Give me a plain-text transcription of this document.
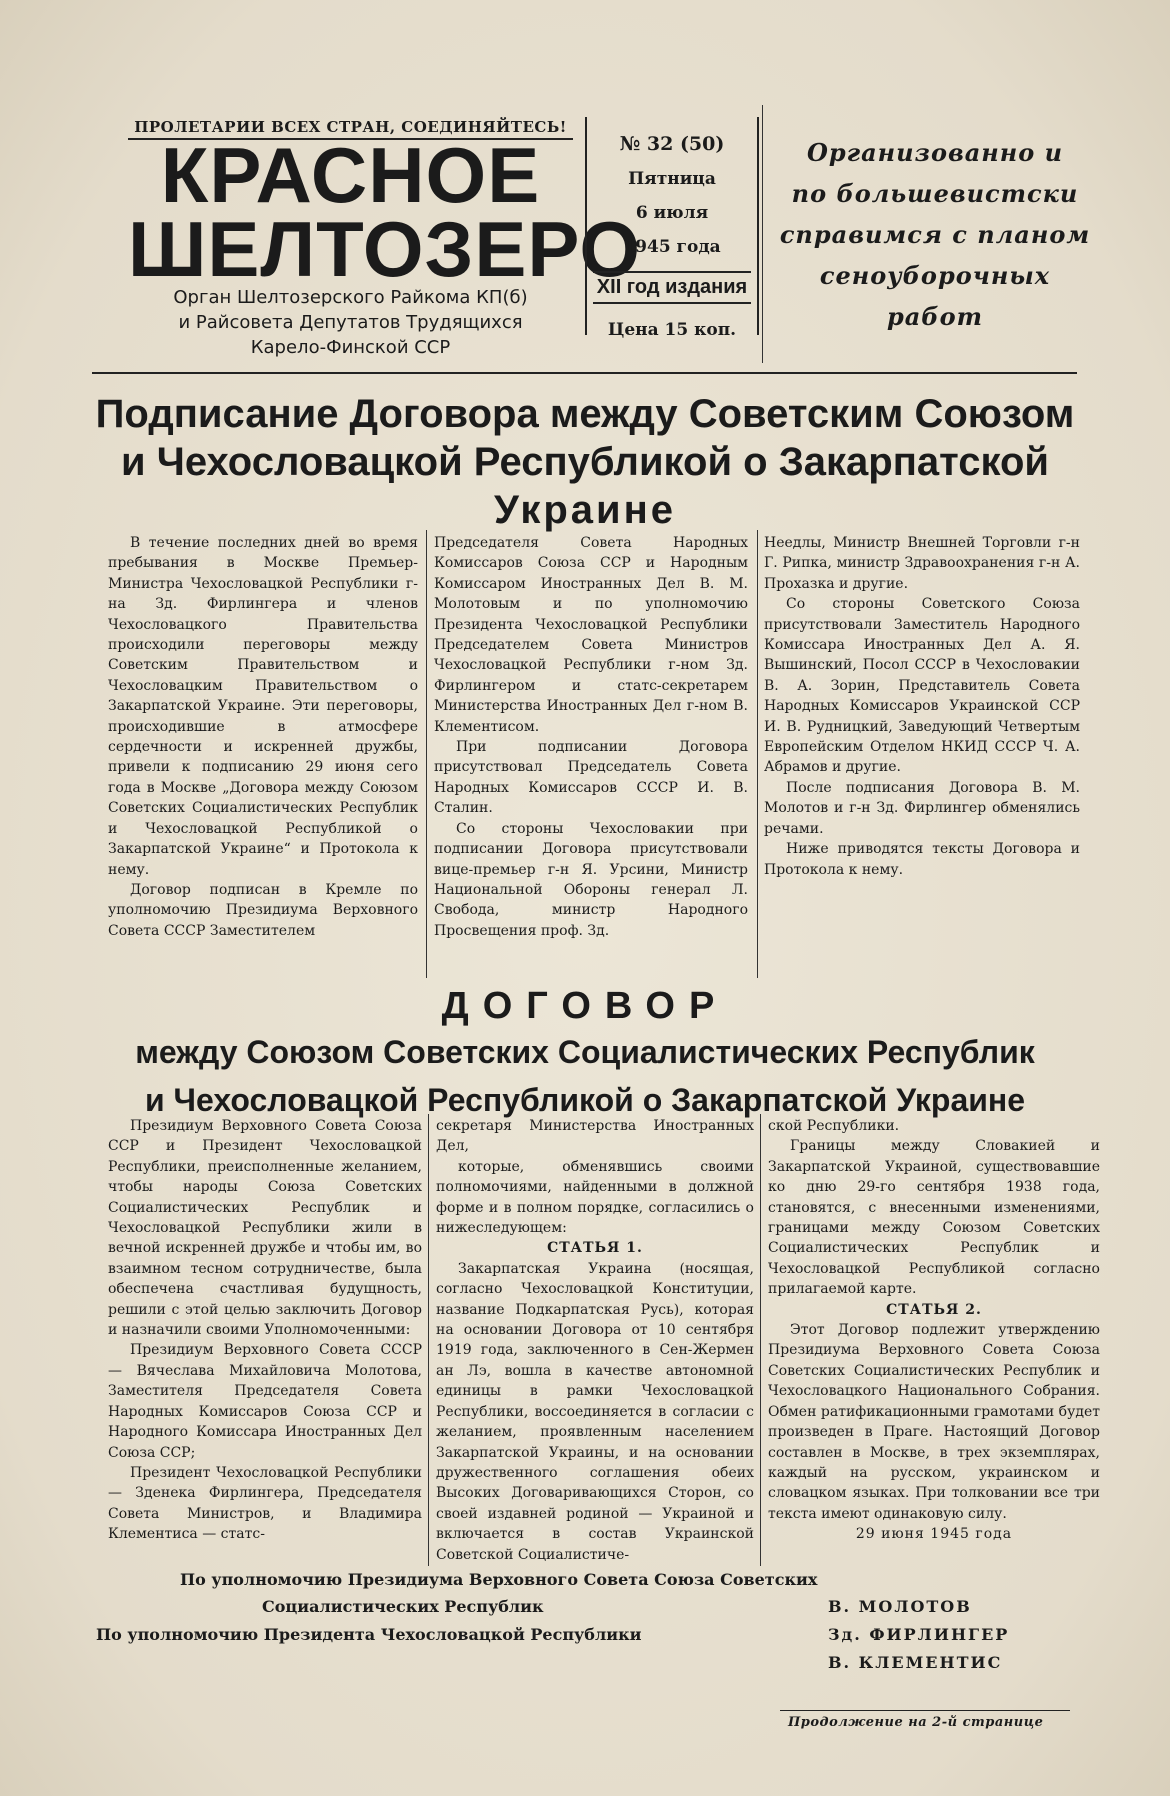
ПРОЛЕТАРИИ ВСЕХ СТРАН, СОЕДИНЯЙТЕСЬ!
КРАСНОЕ
ШЕЛТОЗЕРО
Орган Шелтозерского Райкома КП(б)
и Райсовета Депутатов Трудящихся
Карело-Финской ССР
№ 32 (50)
Пятница
6 июля
1945 года
XII год издания
Цена 15 коп.
Организованно и
по большевистски
справимся с планом
сеноуборочных
работ
Подписание Договора между Советским Союзом
и Чехословацкой Республикой о Закарпатской
Украине

В течение последних дней во время пребывания в Москве Премьер-Министра Чехословацкой Республики г-на Зд. Фирлингера и членов Чехословацкого Правительства происходили переговоры между Советским Правительством и Чехословацким Правительством о Закарпатской Украине. Эти переговоры, происходившие в атмосфере сердечности и искренней дружбы, привели к подписанию 29 июня сего года в Москве „Договора между Союзом Советских Социалистических Республик и Чехословацкой Республикой о Закарпатской Украине“ и Протокола к нему.

Договор подписан в Кремле по уполномочию Президиума Верховного Совета СССР Заместителем

Председателя Совета Народных Комиссаров Союза ССР и Народным Комиссаром Иностранных Дел В. М. Молотовым и по уполномочию Президента Чехословацкой Республики Председателем Совета Министров Чехословацкой Республики г-ном Зд. Фирлингером и статс-секретарем Министерства Иностранных Дел г-ном В. Клементисом.

При подписании Договора присутствовал Председатель Совета Народных Комиссаров СССР И. В. Сталин.

Со стороны Чехословакии при подписании Договора присутствовали вице-премьер г-н Я. Урсини, Министр Национальной Обороны генерал Л. Свобода, министр Народного Просвещения проф. Зд.

Неедлы, Министр Внешней Торговли г-н Г. Рипка, министр Здравоохранения г-н А. Прохазка и другие.

Со стороны Советского Союза присутствовали Заместитель Народного Комиссара Иностранных Дел А. Я. Вышинский, Посол СССР в Чехословакии В. А. Зорин, Представитель Совета Народных Комиссаров Украинской ССР И. В. Рудницкий, Заведующий Четвертым Европейским Отделом НКИД СССР Ч. А. Абрамов и другие.

После подписания Договора В. М. Молотов и г-н Зд. Фирлингер обменялись речами.

Ниже приводятся тексты Договора и Протокола к нему.

ДОГОВОР
между Союзом Советских Социалистических Республик
и Чехословацкой Республикой о Закарпатской Украине

Президиум Верховного Совета Союза ССР и Президент Чехословацкой Республики, преисполненные желанием, чтобы народы Союза Советских Социалистических Республик и Чехословацкой Республики жили в вечной искренней дружбе и чтобы им, во взаимном тесном сотрудничестве, была обеспечена счастливая будущность, решили с этой целью заключить Договор и назначили своими Уполномоченными:

Президиум Верховного Совета СССР — Вячеслава Михайловича Молотова, Заместителя Председателя Совета Народных Комиссаров Союза ССР и Народного Комиссара Иностранных Дел Союза ССР;

Президент Чехословацкой Республики — Зденека Фирлингера, Председателя Совета Министров, и Владимира Клементиса — статс-

секретаря Министерства Иностранных Дел,

которые, обменявшись своими полномочиями, найденными в должной форме и в полном порядке, согласились о нижеследующем:

СТАТЬЯ 1.

Закарпатская Украина (носящая, согласно Чехословацкой Конституции, название Подкарпатская Русь), которая на основании Договора от 10 сентября 1919 года, заключенного в Сен-Жермен ан Лэ, вошла в качестве автономной единицы в рамки Чехословацкой Республики, воссоединяется в согласии с желанием, проявленным населением Закарпатской Украины, и на основании дружественного соглашения обеих Высоких Договаривающихся Сторон, со своей издавней родиной — Украиной и включается в состав Украинской Советской Социалистиче-

ской Республики.

Границы между Словакией и Закарпатской Украиной, существовавшие ко дню 29-го сентября 1938 года, становятся, с внесенными изменениями, границами между Союзом Советских Социалистических Республик и Чехословацкой Республикой согласно прилагаемой карте.

СТАТЬЯ 2.

Этот Договор подлежит утверждению Президиума Верховного Совета Союза Советских Социалистических Республик и Чехословацкого Национального Собрания. Обмен ратификационными грамотами будет произведен в Праге. Настоящий Договор составлен в Москве, в трех экземплярах, каждый на русском, украинском и словацком языках. При толковании все три текста имеют одинаковую силу.

29 июня 1945 года

По уполномочию Президиума Верховного Совета Союза Советских
Социалистических Республик
По уполномочию Президента Чехословацкой Республики
В. МОЛОТОВ
Зд. ФИРЛИНГЕР
В. КЛЕМЕНТИС
Продолжение на 2-й странице
